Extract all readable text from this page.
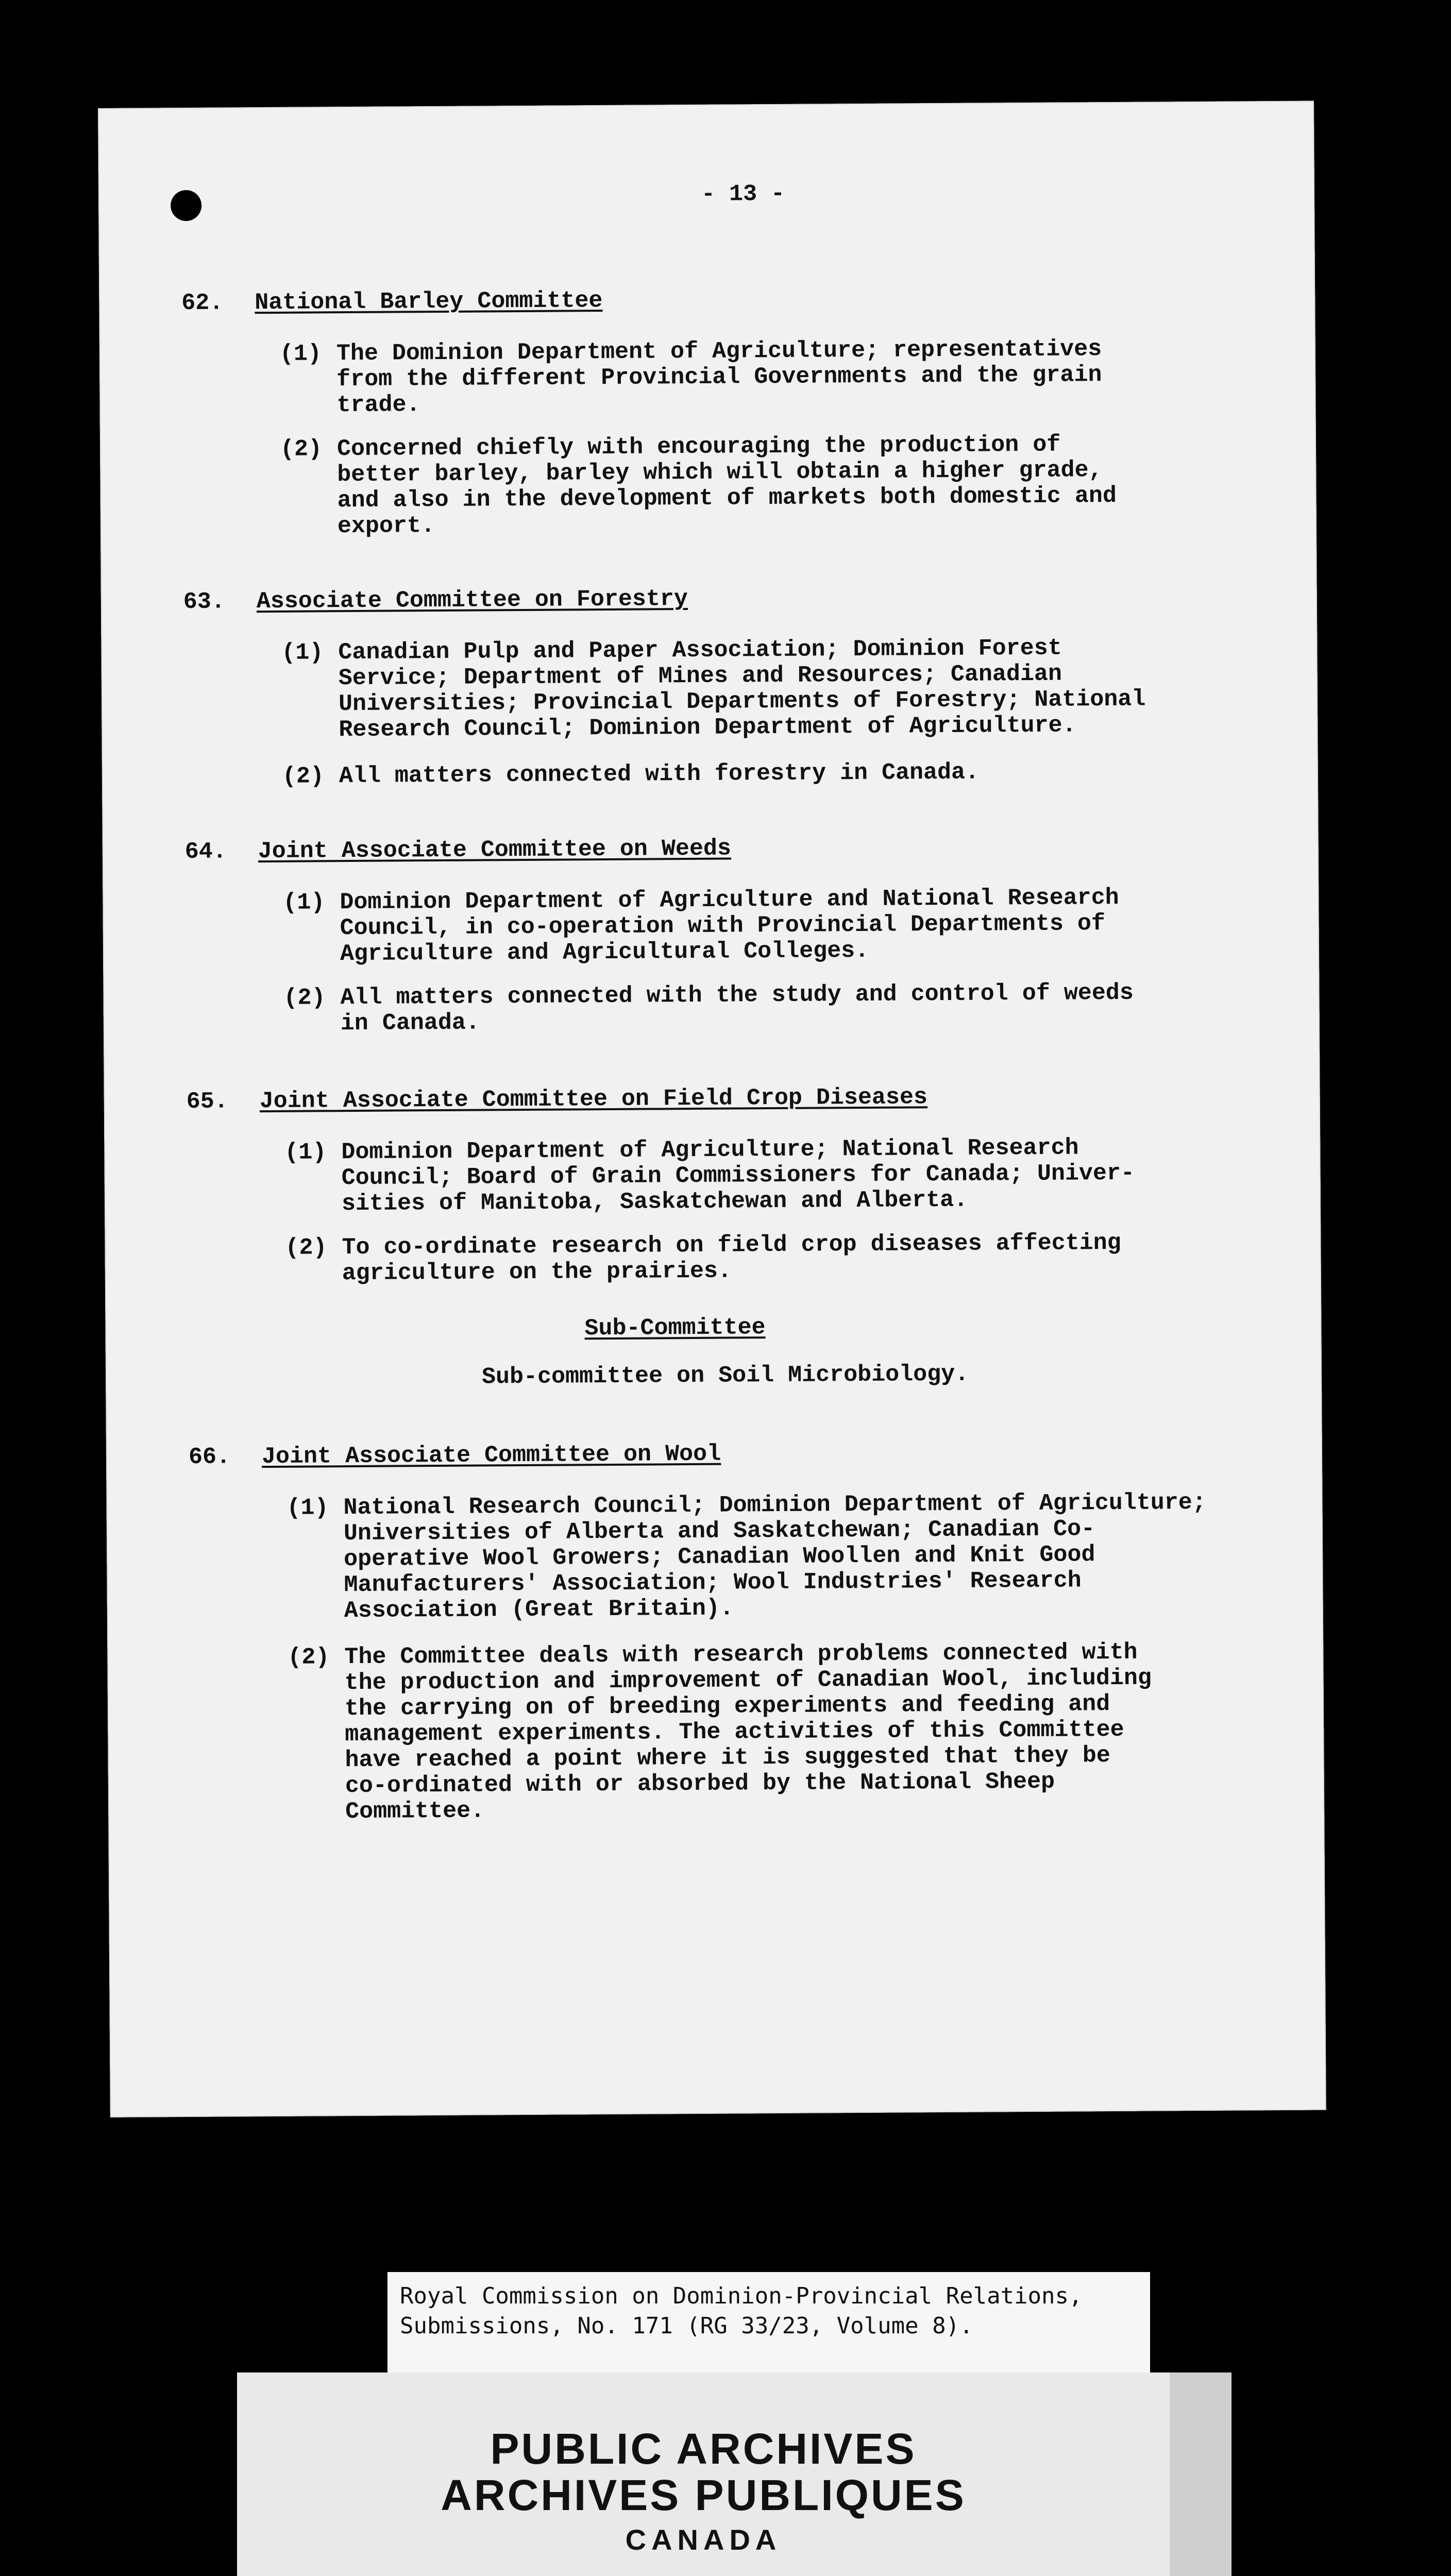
- 13 -

62.

National Barley Committee

(1)

The Dominion Department of Agriculture; representatives
from the different Provincial Governments and the grain
trade.

(2)

Concerned chiefly with encouraging the production of
better barley, barley which will obtain a higher grade,
and also in the development of markets both domestic and
export.

63.

Associate Committee on Forestry

(1)

Canadian Pulp and Paper Association; Dominion Forest
Service; Department of Mines and Resources; Canadian
Universities; Provincial Departments of Forestry; National
Research Council; Dominion Department of Agriculture.

(2)

All matters connected with forestry in Canada.

64.

Joint Associate Committee on Weeds

(1)

Dominion Department of Agriculture and National Research
Council, in co-operation with Provincial Departments of
Agriculture and Agricultural Colleges.

(2)

All matters connected with the study and control of weeds
in Canada.

65.

Joint Associate Committee on Field Crop Diseases

(1)

Dominion Department of Agriculture; National Research
Council; Board of Grain Commissioners for Canada; Univer-
sities of Manitoba, Saskatchewan and Alberta.

(2)

To co-ordinate research on field crop diseases affecting
agriculture on the prairies.

Sub-Committee

Sub-committee on Soil Microbiology.

66.

Joint Associate Committee on Wool

(1)

National Research Council; Dominion Department of Agriculture;
Universities of Alberta and Saskatchewan; Canadian Co-
operative Wool Growers; Canadian Woollen and Knit Good
Manufacturers' Association; Wool Industries' Research
Association (Great Britain).

(2)

The Committee deals with research problems connected with
the production and improvement of Canadian Wool, including
the carrying on of breeding experiments and feeding and
management experiments. The activities of this Committee
have reached a point where it is suggested that they be
co-ordinated with or absorbed by the National Sheep
Committee.

Royal Commission on Dominion-Provincial Relations,
Submissions, No. 171 (RG 33/23, Volume 8).
PUBLIC ARCHIVES
ARCHIVES PUBLIQUES
CANADA
